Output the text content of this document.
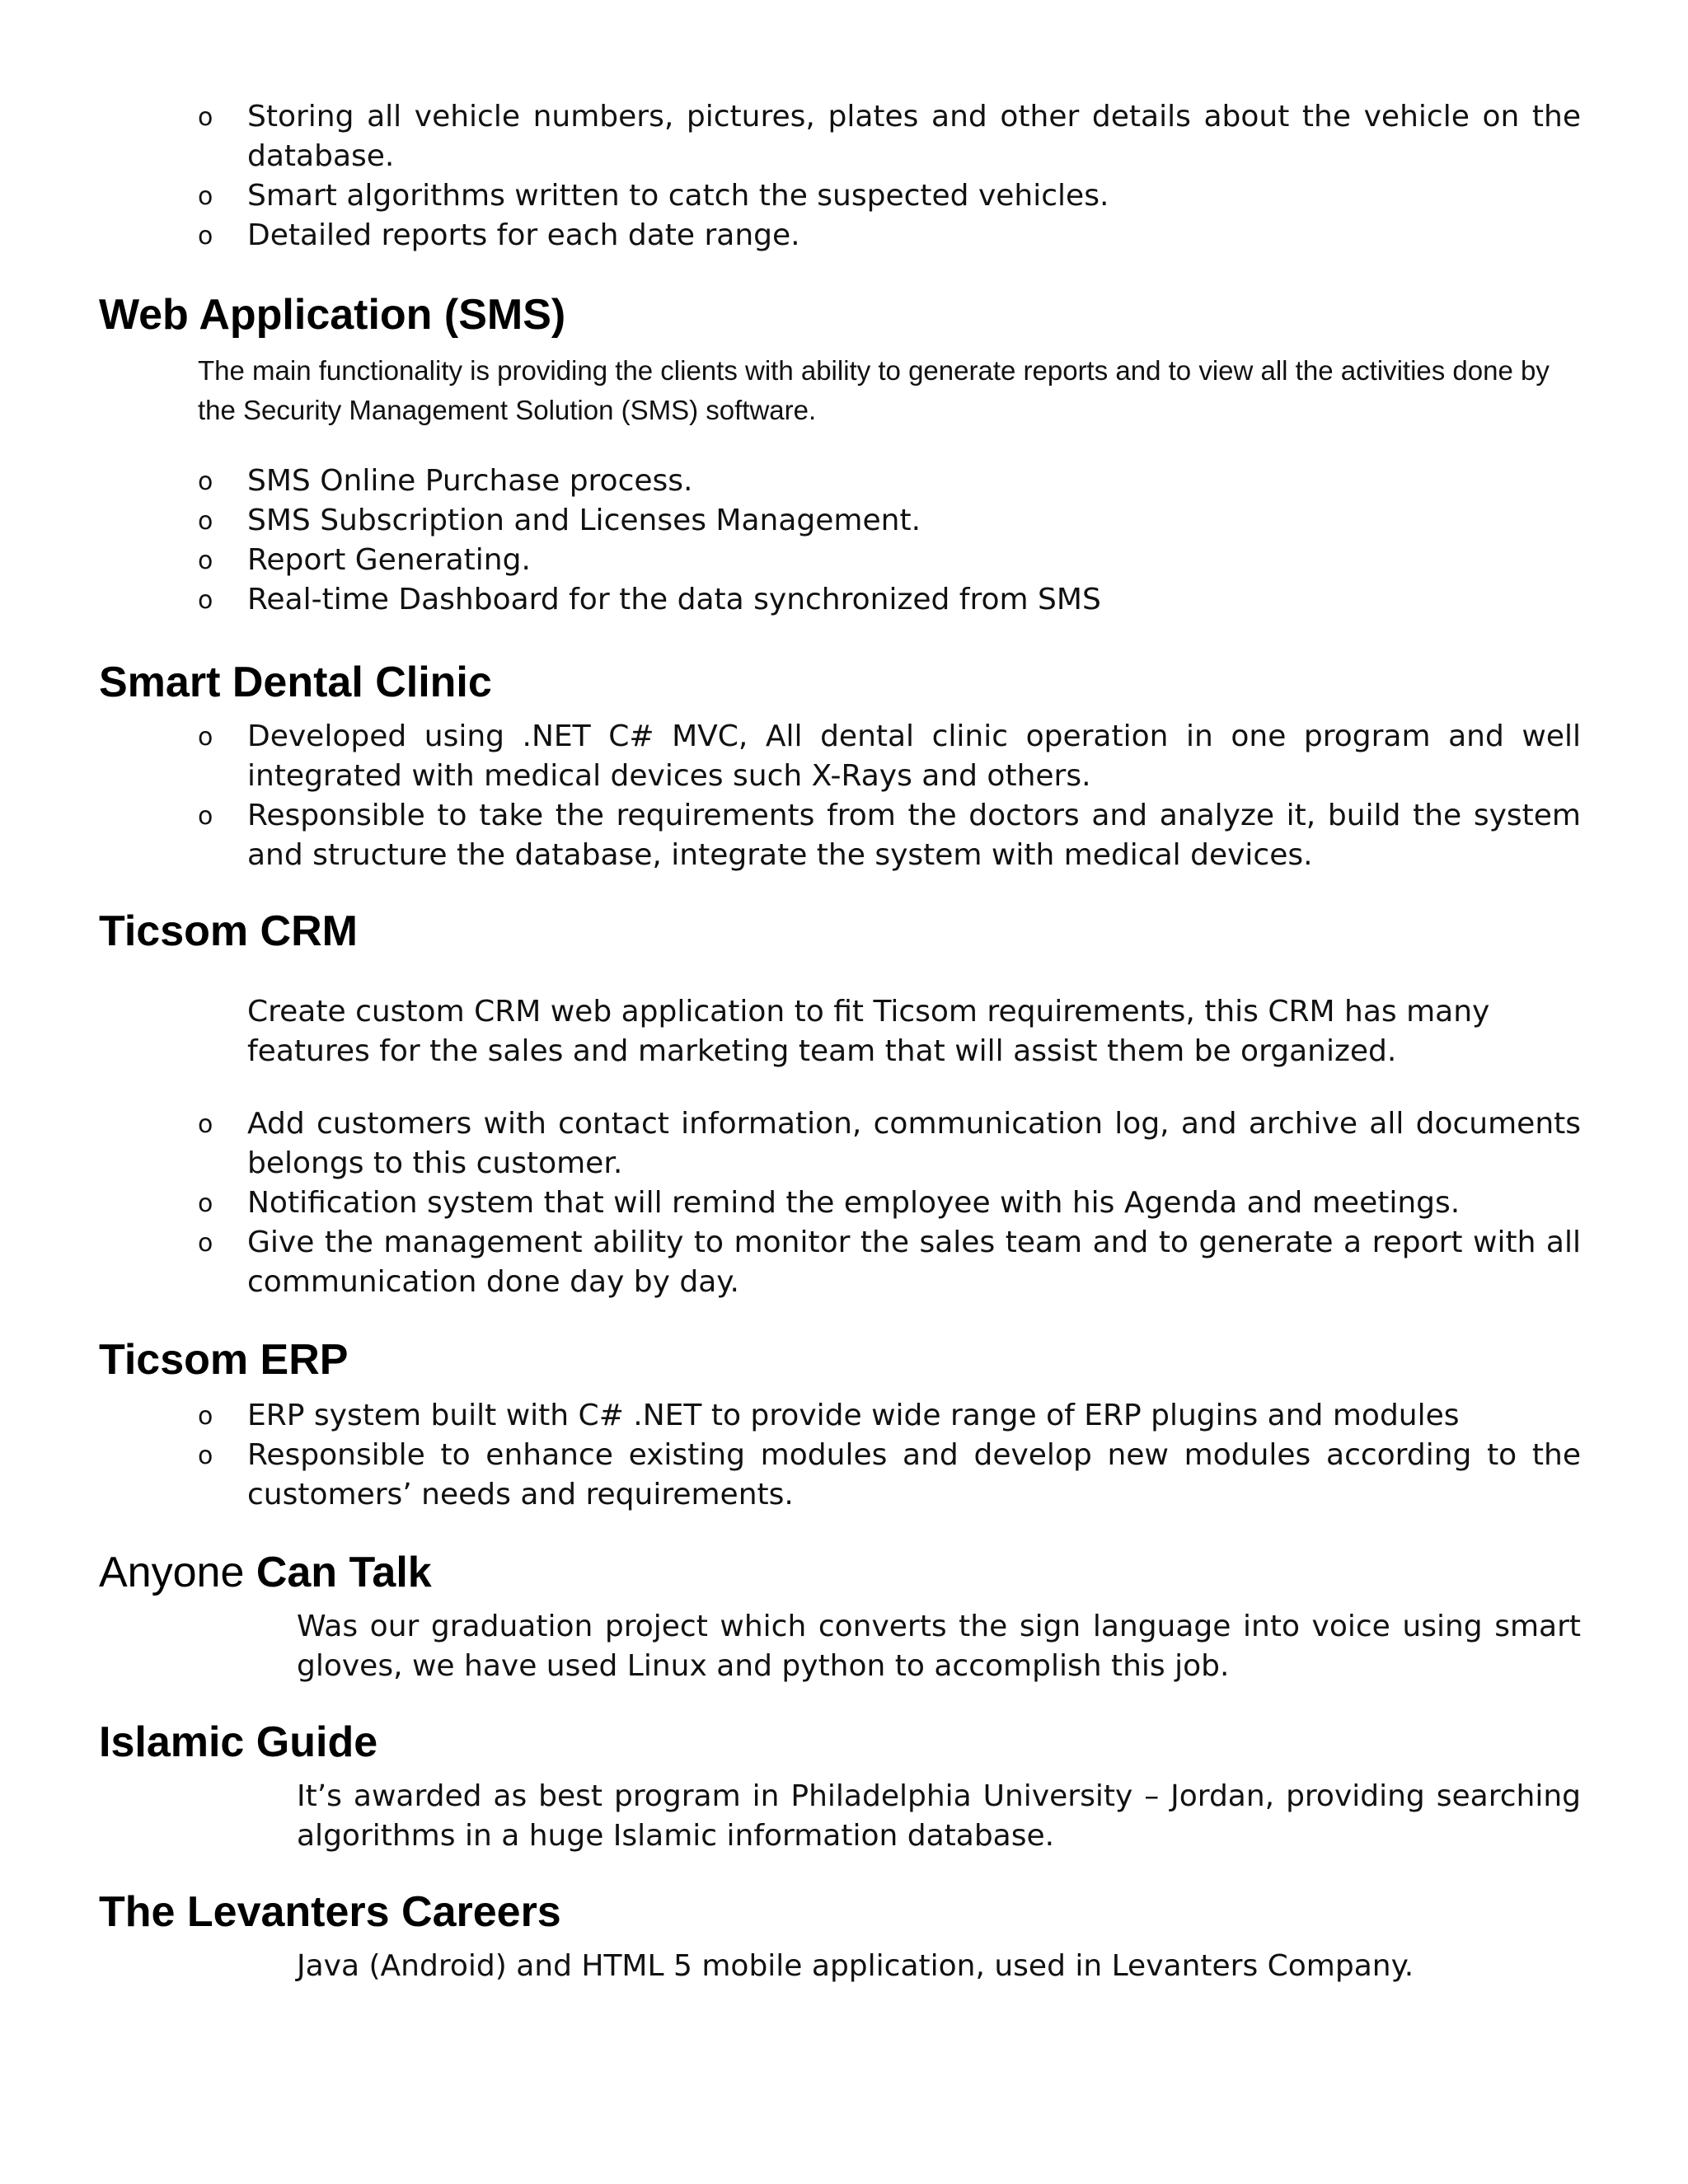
o Storing all vehicle numbers, pictures, plates and other details about the vehicle on the database.
o Smart algorithms written to catch the suspected vehicles.
o Detailed reports for each date range.
Web Application (SMS)

The main functionality is providing the clients with ability to generate reports and to view all the activities done by the Security Management Solution (SMS) software.

o SMS Online Purchase process.
o SMS Subscription and Licenses Management.
o Report Generating.
o Real-time Dashboard for the data synchronized from SMS
Smart Dental Clinic
o Developed using .NET C# MVC, All dental clinic operation in one program and well integrated with medical devices such X-Rays and others.
o Responsible to take the requirements from the doctors and analyze it, build the system and structure the database, integrate the system with medical devices.
Ticsom CRM

Create custom CRM web application to fit Ticsom requirements, this CRM has many features for the sales and marketing team that will assist them be organized.

o Add customers with contact information, communication log, and archive all documents belongs to this customer.
o Notification system that will remind the employee with his Agenda and meetings.
o Give the management ability to monitor the sales team and to generate a report with all communication done day by day.
Ticsom ERP
o ERP system built with C# .NET to provide wide range of ERP plugins and modules
o Responsible to enhance existing modules and develop new modules according to the customers’ needs and requirements.
Anyone Can Talk

Was our graduation project which converts the sign language into voice using smart gloves, we have used Linux and python to accomplish this job.

Islamic Guide

It’s awarded as best program in Philadelphia University – Jordan, providing searching algorithms in a huge Islamic information database.

The Levanters Careers

Java (Android) and HTML 5 mobile application, used in Levanters Company.
